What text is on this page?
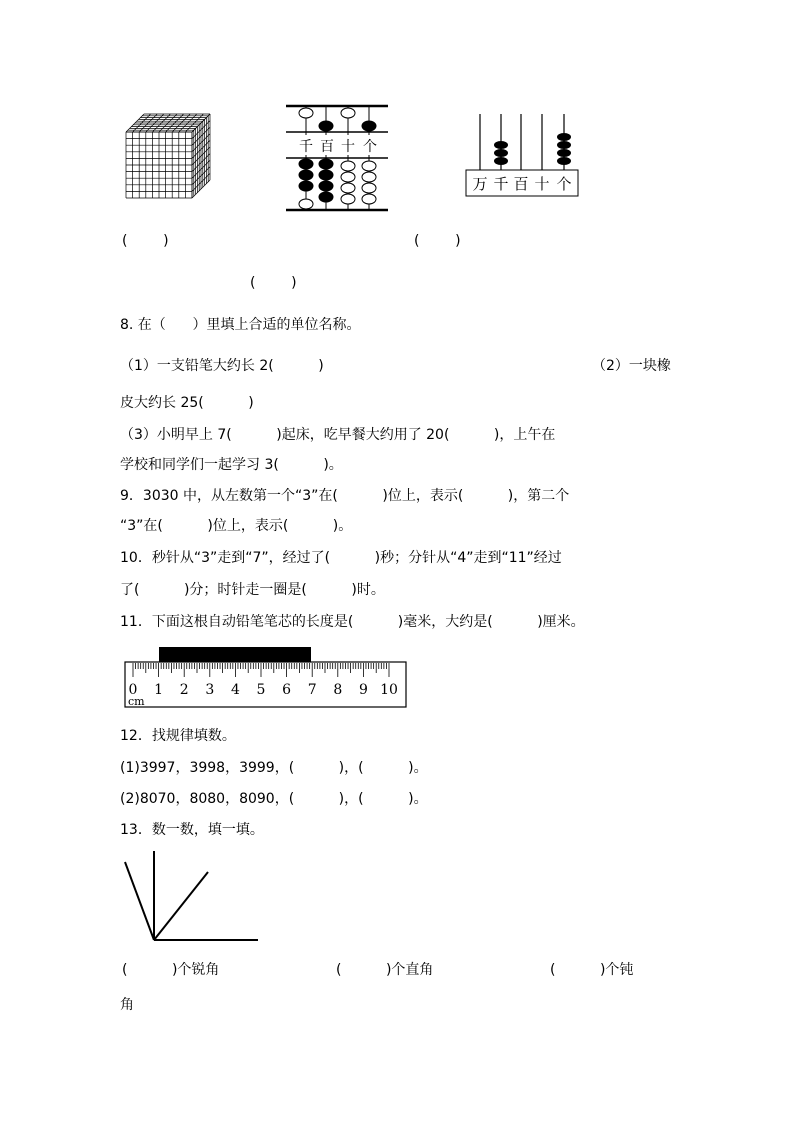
千 百 十 个
万 千 百 十 个
(        )	(        )
(        )
8. 在（      ）里填上合适的单位名称。
（1）一支铅笔大约长 2(          )	（2）一块橡
皮大约长 25(          )
（3）小明早上 7(          )起床，吃早餐大约用了 20(          )，上午在
学校和同学们一起学习 3(          )。
9．3030 中，从左数第一个“3”在(          )位上，表示(          )，第二个
“3”在(          )位上，表示(          )。
10．秒针从“3”走到“7”，经过了(          )秒；分针从“4”走到“11”经过
了(          )分；时针走一圈是(          )时。
11．下面这根自动铅笔笔芯的长度是(          )毫米，大约是(          )厘米。
0 1 2 3 4 5 6 7 8 9 10
cm
12．找规律填数。
(1)3997，3998，3999，(          )，(          )。
(2)8070，8080，8090，(          )，(          )。
13．数一数，填一填。
(          )个锐角	(          )个直角	(          )个钝
角
